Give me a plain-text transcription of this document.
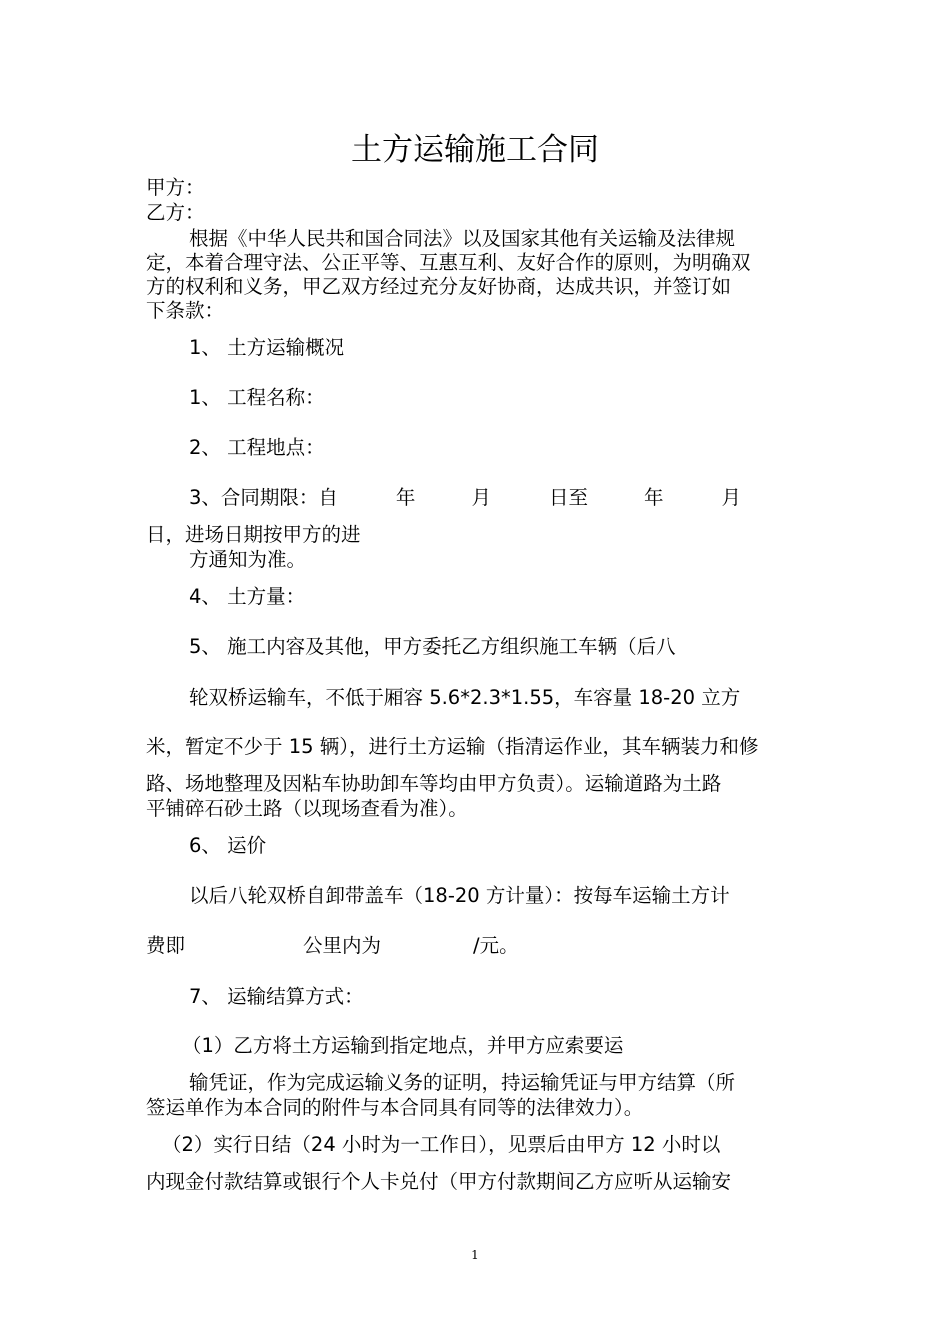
土方运输施工合同
甲方：
乙方：
根据《中华人民共和国合同法》以及国家其他有关运输及法律规
定，本着合理守法、公正平等、互惠互利、友好合作的原则，为明确双
方的权利和义务，甲乙双方经过充分友好协商，达成共识，并签订如
下条款：
1、 土方运输概况
1、 工程名称：
2、 工程地点：
3、合同期限：自	年	月	日至	年	月
日，进场日期按甲方的进
方通知为准。
4、 土方量：
5、 施工内容及其他，甲方委托乙方组织施工车辆（后八
轮双桥运输车，不低于厢容 5.6*2.3*1.55，车容量 18-20 立方
米，暂定不少于 15 辆），进行土方运输（指清运作业，其车辆装力和修
路、场地整理及因粘车协助卸车等均由甲方负责）。运输道路为土路
平铺碎石砂土路（以现场查看为准）。
6、 运价
以后八轮双桥自卸带盖车（18-20 方计量）：按每车运输土方计
费即	公里内为	/元。
7、 运输结算方式：
（1）乙方将土方运输到指定地点，并甲方应索要运
输凭证，作为完成运输义务的证明，持运输凭证与甲方结算（所
签运单作为本合同的附件与本合同具有同等的法律效力）。
（2）实行日结（24 小时为一工作日），见票后由甲方 12 小时以
内现金付款结算或银行个人卡兑付（甲方付款期间乙方应听从运输安
1
